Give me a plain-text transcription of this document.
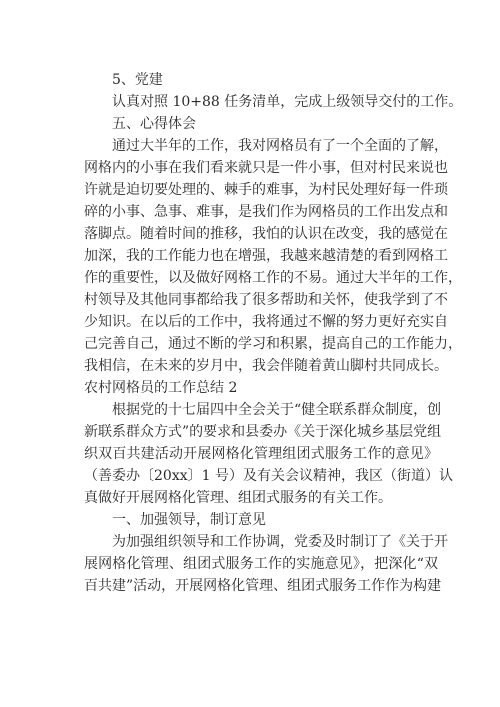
5、党建
认真对照 10+88 任务清单，完成上级领导交付的工作。
五、心得体会
通过大半年的工作，我对网格员有了一个全面的了解，
网格内的小事在我们看来就只是一件小事，但对村民来说也
许就是迫切要处理的、棘手的难事，为村民处理好每一件琐
碎的小事、急事、难事，是我们作为网格员的工作出发点和
落脚点。随着时间的推移，我怕的认识在改变，我的感觉在
加深，我的工作能力也在增强，我越来越清楚的看到网格工
作的重要性，以及做好网格工作的不易。通过大半年的工作，
村领导及其他同事都给我了很多帮助和关怀，使我学到了不
少知识。在以后的工作中，我将通过不懈的努力更好充实自
己完善自己，通过不断的学习和积累，提高自己的工作能力，
我相信，在未来的岁月中，我会伴随着黄山脚村共同成长。
农村网格员的工作总结 2
根据党的十七届四中全会关于“健全联系群众制度，创
新联系群众方式”的要求和县委办《关于深化城乡基层党组
织双百共建活动开展网格化管理组团式服务工作的意见》
（善委办〔20xx〕1 号）及有关会议精神，我区（街道）认
真做好开展网格化管理、组团式服务的有关工作。
一、加强领导，制订意见
为加强组织领导和工作协调，党委及时制订了《关于开
展网格化管理、组团式服务工作的实施意见》，把深化“双
百共建”活动，开展网格化管理、组团式服务工作作为构建
